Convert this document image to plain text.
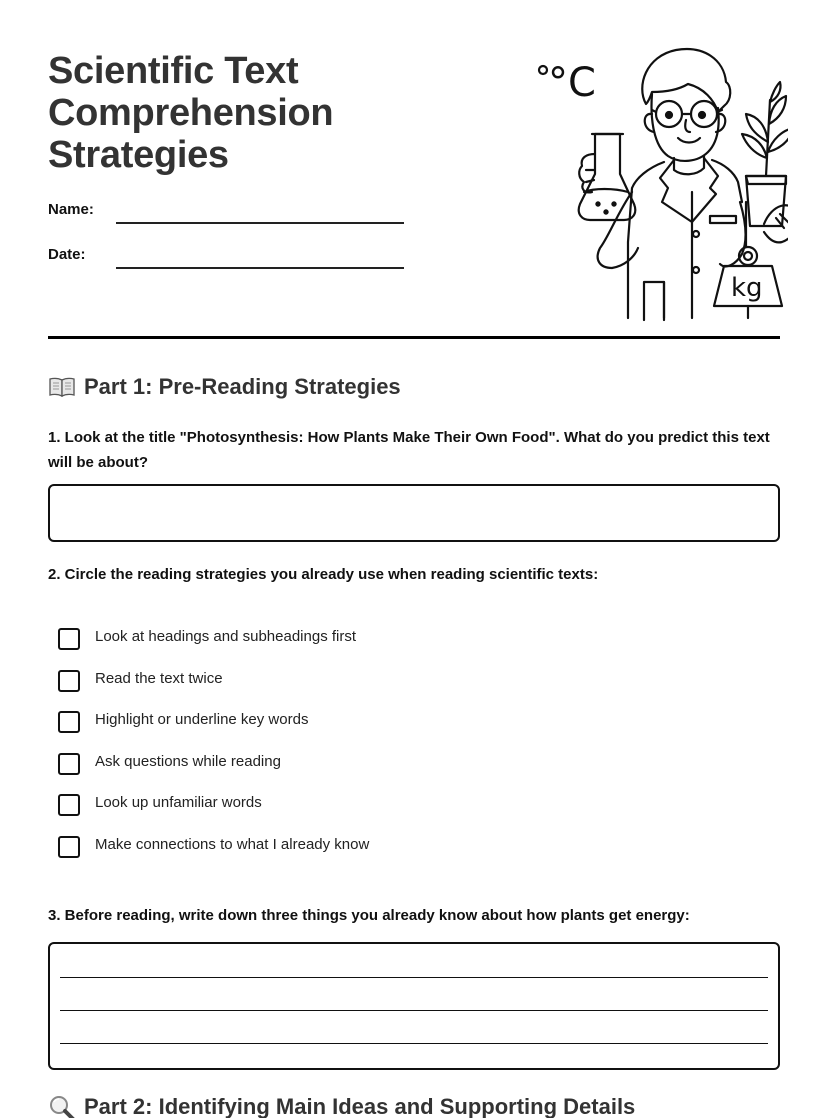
Scientific Text
Comprehension
Strategies
Name:
Date:
°C
kg
Part 1: Pre-Reading Strategies

1. Look at the title "Photosynthesis: How Plants Make Their Own Food". What do you predict this text will be about?

2. Circle the reading strategies you already use when reading scientific texts:

Look at headings and subheadings first
Read the text twice
Highlight or underline key words
Ask questions while reading
Look up unfamiliar words
Make connections to what I already know

3. Before reading, write down three things you already know about how plants get energy:

Part 2: Identifying Main Ideas and Supporting Details
